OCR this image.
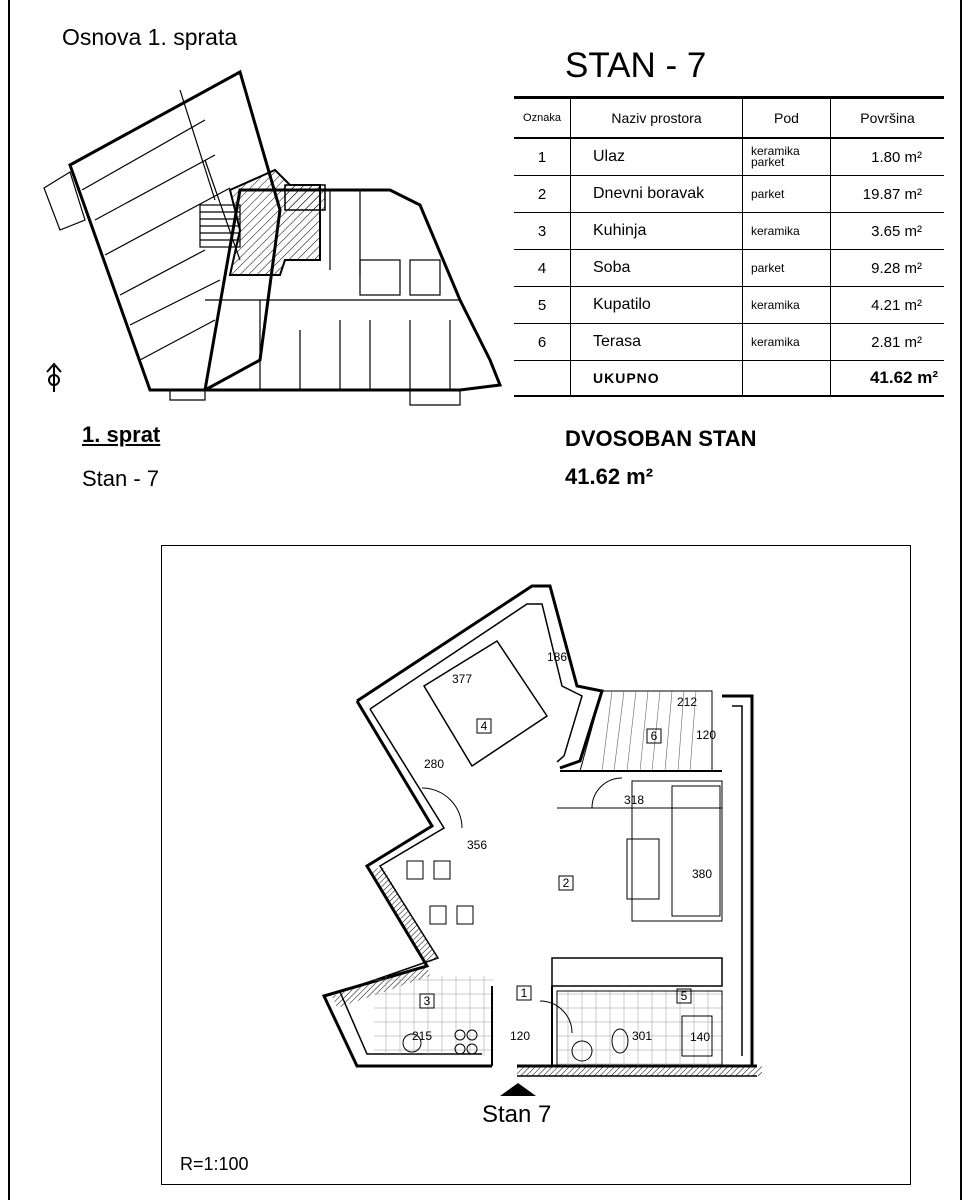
Osnova 1. sprata
STAN - 7
Oznaka	Naziv prostora	Pod	Površina
1	Ulaz	keramika parket	1.80 m²
2	Dnevni boravak	parket	19.87 m²
3	Kuhinja	keramika	3.65 m²
4	Soba	parket	9.28 m²
5	Kupatilo	keramika	4.21 m²
6	Terasa	keramika	2.81 m²
	UKUPNO		41.62 m²
1. sprat
Stan - 7
DVOSOBAN STAN
41.62 m²
1
2
3
4
5
6
377
186
280
356
212
120
318
380
215	120	301	140
Stan 7
R=1:100
